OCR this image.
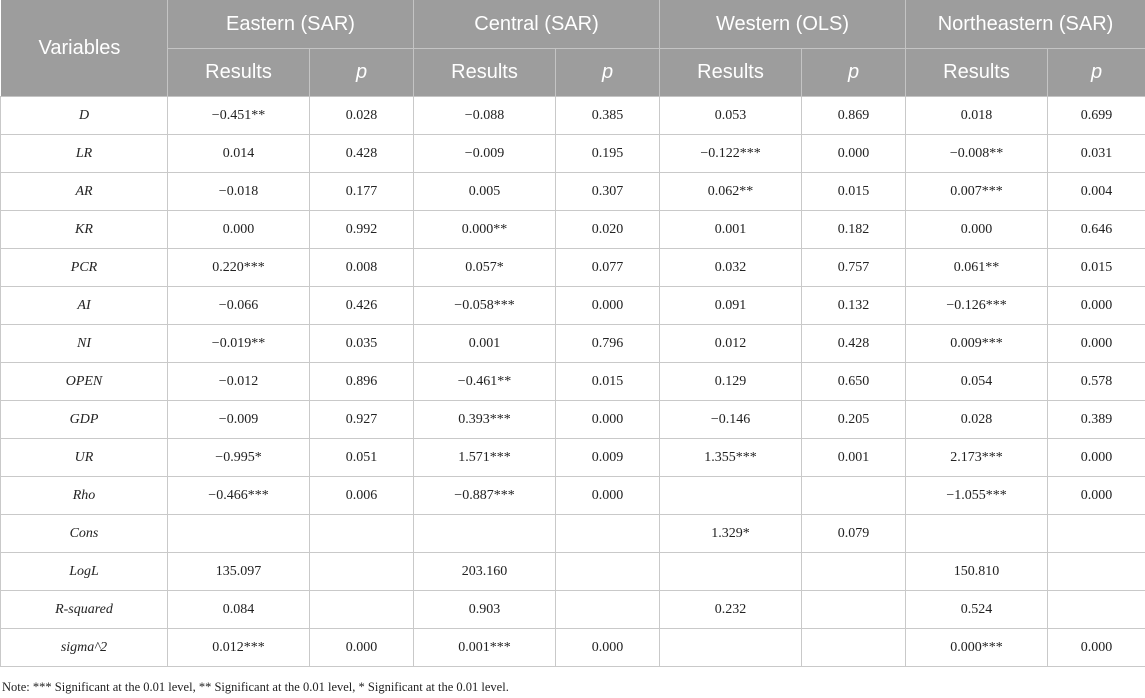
Variables	Eastern (SAR)		Central (SAR)		Western (OLS)		Northeastern (SAR)	
	Results	p	Results	p	Results	p	Results	p
D	−0.451**	0.028	−0.088	0.385	0.053	0.869	0.018	0.699
LR	0.014	0.428	−0.009	0.195	−0.122***	0.000	−0.008**	0.031
AR	−0.018	0.177	0.005	0.307	0.062**	0.015	0.007***	0.004
KR	0.000	0.992	0.000**	0.020	0.001	0.182	0.000	0.646
PCR	0.220***	0.008	0.057*	0.077	0.032	0.757	0.061**	0.015
AI	−0.066	0.426	−0.058***	0.000	0.091	0.132	−0.126***	0.000
NI	−0.019**	0.035	0.001	0.796	0.012	0.428	0.009***	0.000
OPEN	−0.012	0.896	−0.461**	0.015	0.129	0.650	0.054	0.578
GDP	−0.009	0.927	0.393***	0.000	−0.146	0.205	0.028	0.389
UR	−0.995*	0.051	1.571***	0.009	1.355***	0.001	2.173***	0.000
Rho	−0.466***	0.006	−0.887***	0.000			−1.055***	0.000
Cons					1.329*	0.079		
LogL	135.097		203.160				150.810	
R-squared	0.084		0.903		0.232		0.524	
sigma^2	0.012***	0.000	0.001***	0.000			0.000***	0.000
Note: *** Significant at the 0.01 level, ** Significant at the 0.01 level, * Significant at the 0.01 level.
